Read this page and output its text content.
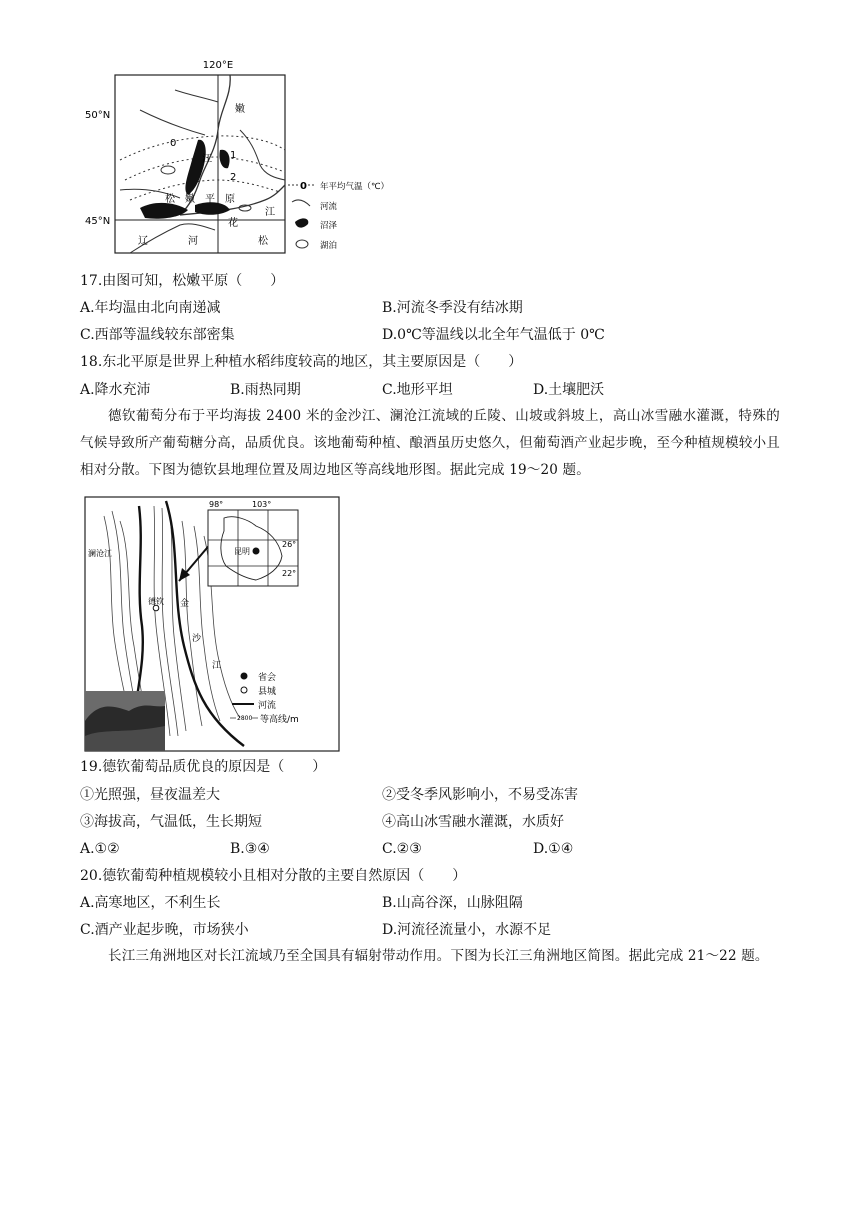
120°E
50°N
45°N
0
1
2
嫩
江
松 嫩 平 原
江
花
松
辽	河
0 年平均气温（℃）
河流
沼泽
湖泊
17.由图可知，松嫩平原（　　）
A.年均温由北向南递减	B.河流冬季没有结冰期
C.西部等温线较东部密集	D.0℃等温线以北全年气温低于 0℃
18.东北平原是世界上种植水稻纬度较高的地区，其主要原因是（　　）
A.降水充沛	B.雨热同期	C.地形平坦	D.土壤肥沃
德钦葡萄分布于平均海拔 2400 米的金沙江、澜沧江流域的丘陵、山坡或斜坡上，高山冰雪融水灌溉，特殊的气候导致所产葡萄糖分高，品质优良。该地葡萄种植、酿酒虽历史悠久，但葡萄酒产业起步晚，至今种植规模较小且相对分散。下图为德钦县地理位置及周边地区等高线地形图。据此完成 19～20 题。
98°	103°
26°
22°
昆明
澜沧江
德钦 金
沙
江
省会
县城
河流
2800 等高线/m
19.德钦葡萄品质优良的原因是（　　）
①光照强，昼夜温差大	②受冬季风影响小，不易受冻害
③海拔高，气温低，生长期短	④高山冰雪融水灌溉，水质好
A.①②	B.③④	C.②③	D.①④
20.德钦葡萄种植规模较小且相对分散的主要自然原因（　　）
A.高寒地区，不利生长	B.山高谷深，山脉阻隔
C.酒产业起步晚，市场狭小	D.河流径流量小，水源不足
长江三角洲地区对长江流域乃至全国具有辐射带动作用。下图为长江三角洲地区简图。据此完成 21～22 题。
